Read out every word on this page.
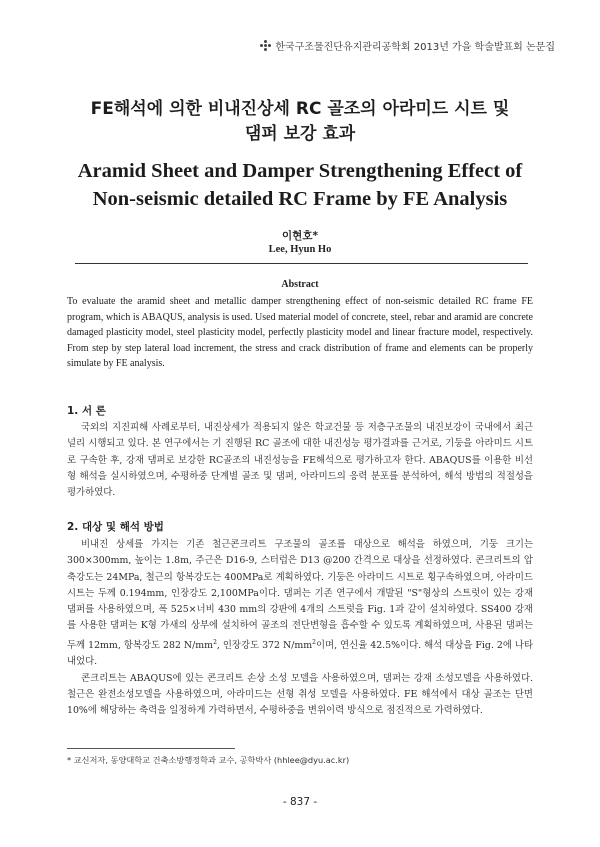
한국구조물진단유지관리공학회 2013년 가을 학술발표회 논문집
FE해석에 의한 비내진상세 RC 골조의 아라미드 시트 및
댐퍼 보강 효과
Aramid Sheet and Damper Strengthening Effect of
Non-seismic detailed RC Frame by FE Analysis
이현호*
Lee, Hyun Ho
Abstract
To evaluate the aramid sheet and metallic damper strengthening effect of non-seismic detailed RC frame FE program, which is ABAQUS, analysis is used. Used material model of concrete, steel, rebar and aramid are concrete damaged plasticity model, steel plasticity model, perfectly plasticity model and linear fracture model, respectively. From step by step lateral load increment, the stress and crack distribution of frame and elements can be properly simulate by FE analysis.
1. 서 론

국외의 지진피해 사례로부터, 내진상세가 적용되지 않은 학교건물 등 저층구조물의 내진보강이 국내에서 최근 널리 시행되고 있다. 본 연구에서는 기 진행된 RC 골조에 대한 내진성능 평가결과를 근거로, 기둥을 아라미드 시트로 구속한 후, 강재 댐퍼로 보강한 RC골조의 내진성능을 FE해석으로 평가하고자 한다. ABAQUS를 이용한 비선형 해석을 실시하였으며, 수평하중 단계별 골조 및 댐퍼, 아라미드의 응력 분포를 분석하여, 해석 방법의 적절성을 평가하였다.

2. 대상 및 해석 방법

비내진 상세를 가지는 기존 철근콘크리트 구조물의 골조를 대상으로 해석을 하였으며, 기둥 크기는 300×300mm, 높이는 1.8m, 주근은 D16-9, 스터럽은 D13 @200 간격으로 대상을 선정하였다. 콘크리트의 압축강도는 24MPa, 철근의 항복강도는 400MPa로 계획하였다. 기둥은 아라미드 시트로 횡구속하였으며, 아라미드 시트는 두께 0.194mm, 인장강도 2,100MPa이다. 댐퍼는 기존 연구에서 개발된 "S"형상의 스트럿이 있는 강재 댐퍼를 사용하였으며, 폭 525×너비 430 mm의 강판에 4개의 스트럿을 Fig. 1과 같이 설치하였다. SS400 강재를 사용한 댐퍼는 K형 가새의 상부에 설치하여 골조의 전단변형을 흡수할 수 있도록 계획하였으며, 사용된 댐퍼는 두께 12mm, 항복강도 282 $N/mm^2$, 인장강도 372 $N/mm^2$이며, 연신율 42.5%이다. 해석 대상을 Fig. 2에 나타내었다.

콘크리트는 ABAQUS에 있는 콘크리트 손상 소성 모델을 사용하였으며, 댐퍼는 강재 소성모델을 사용하였다. 철근은 완전소성모델을 사용하였으며, 아라미드는 선형 취성 모델을 사용하였다. FE 해석에서 대상 골조는 단면 10%에 해당하는 축력을 일정하게 가력하면서, 수평하중을 변위이력 방식으로 점진적으로 가력하였다.

* 교신저자, 동양대학교 건축소방행정학과 교수, 공학박사 (hhlee@dyu.ac.kr)
- 837 -
